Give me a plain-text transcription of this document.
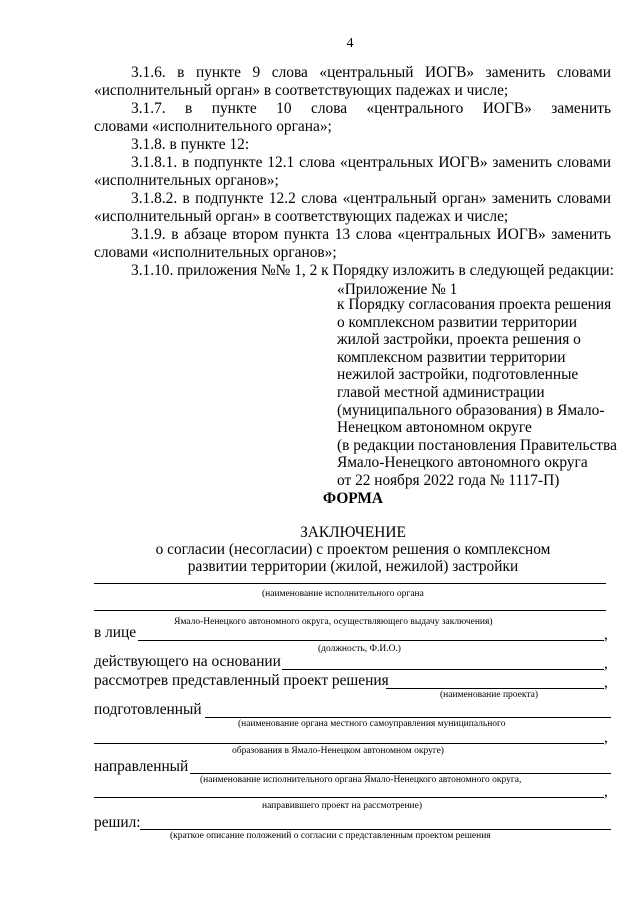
4
3.1.6. в пункте 9 слова «центральный ИОГВ» заменить словами
«исполнительный орган» в соответствующих падежах и числе;
3.1.7. в пункте 10 слова «центрального ИОГВ» заменить
словами «исполнительного органа»;
3.1.8. в пункте 12:
3.1.8.1. в подпункте 12.1 слова «центральных ИОГВ» заменить словами
«исполнительных органов»;
3.1.8.2. в подпункте 12.2 слова «центральный орган» заменить словами
«исполнительный орган» в соответствующих падежах и числе;
3.1.9. в абзаце втором пункта 13 слова «центральных ИОГВ» заменить
словами «исполнительных органов»;
3.1.10. приложения №№ 1, 2 к Порядку изложить в следующей редакции:
«Приложение № 1
к Порядку согласования проекта решения
о комплексном развитии территории
жилой застройки, проекта решения о
комплексном развитии территории
нежилой застройки, подготовленные
главой местной администрации
(муниципального образования) в Ямало-
Ненецком автономном округе
(в редакции постановления Правительства
Ямало-Ненецкого автономного округа
от 22 ноября 2022 года № 1117-П)
ФОРМА
ЗАКЛЮЧЕНИЕ
о согласии (несогласии) с проектом решения о комплексном
развитии территории (жилой, нежилой) застройки
(наименование исполнительного органа
Ямало-Ненецкого автономного округа, осуществляющего выдачу заключения)
в лице	,
(должность, Ф.И.О.)
действующего на основании	,
рассмотрев представленный проект решения	,
(наименование проекта)
подготовленный
(наименование органа местного самоуправления муниципального
,
образования в Ямало-Ненецком автономном округе)
направленный
(наименование исполнительного органа Ямало-Ненецкого автономного округа,
,
направившего проект на рассмотрение)
решил:
(краткое описание положений о согласии с представленным проектом решения
